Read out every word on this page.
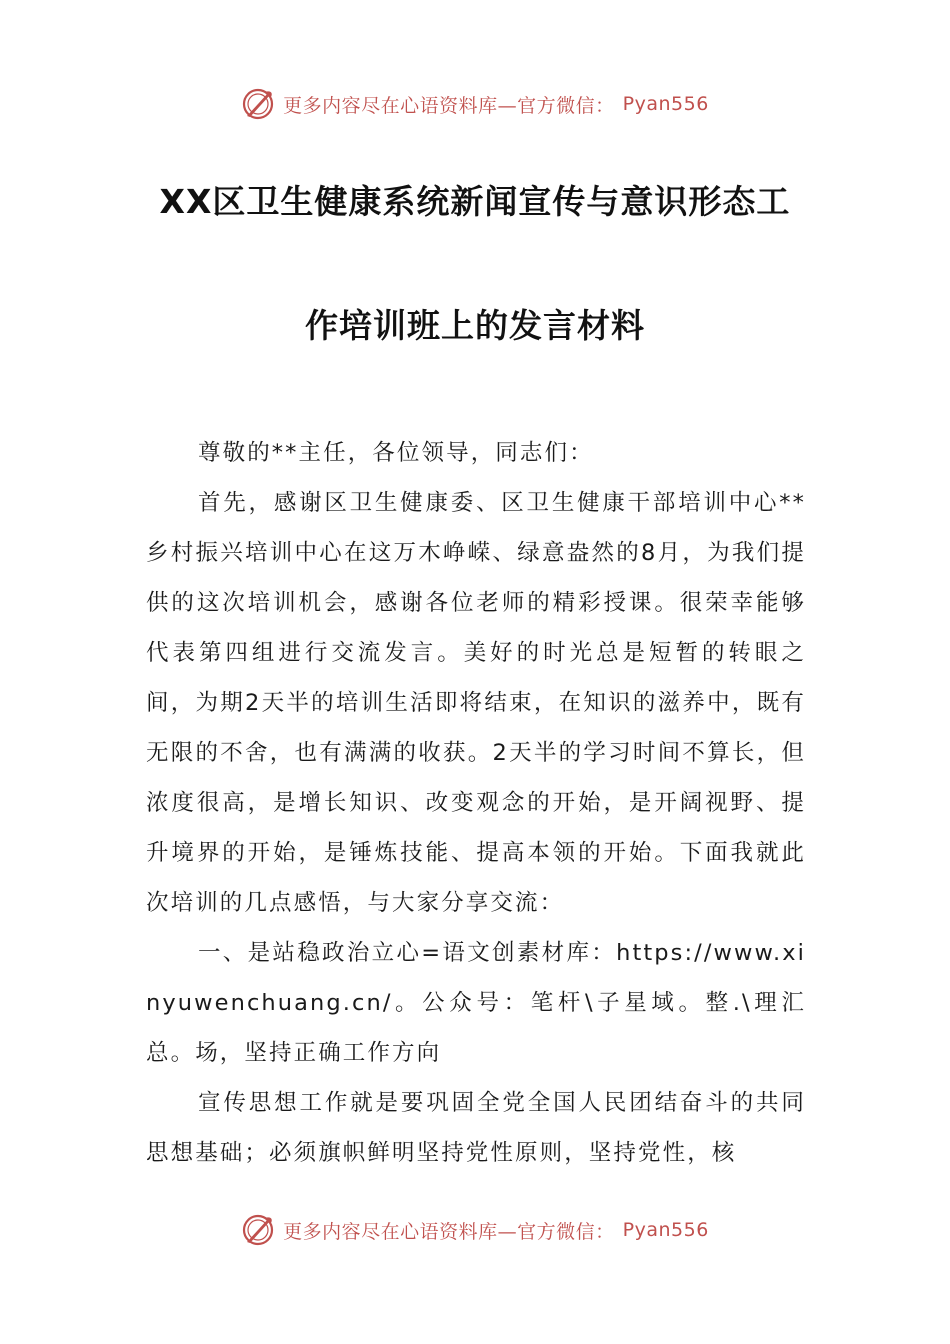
更多内容尽在心语资料库—官方微信： Pyan556
XX区卫生健康系统新闻宣传与意识形态工
作培训班上的发言材料

尊敬的**主任，各位领导，同志们：

首先，感谢区卫生健康委、区卫生健康干部培训中心**乡村振兴培训中心在这万木峥嵘、绿意盎然的8月，为我们提供的这次培训机会，感谢各位老师的精彩授课。很荣幸能够代表第四组进行交流发言。美好的时光总是短暂的转眼之间，为期2天半的培训生活即将结束，在知识的滋养中，既有无限的不舍，也有满满的收获。2天半的学习时间不算长，但浓度很高，是增长知识、改变观念的开始，是开阔视野、提升境界的开始，是锤炼技能、提高本领的开始。下面我就此次培训的几点感悟，与大家分享交流：

一、是站稳政治立心=语文创素材库：https://www.xinyuwenchuang.cn/。公众号：笔杆\子星域。整.\理汇总。场，坚持正确工作方向

宣传思想工作就是要巩固全党全国人民团结奋斗的共同思想基础；必须旗帜鲜明坚持党性原则，坚持党性，核

更多内容尽在心语资料库—官方微信： Pyan556
